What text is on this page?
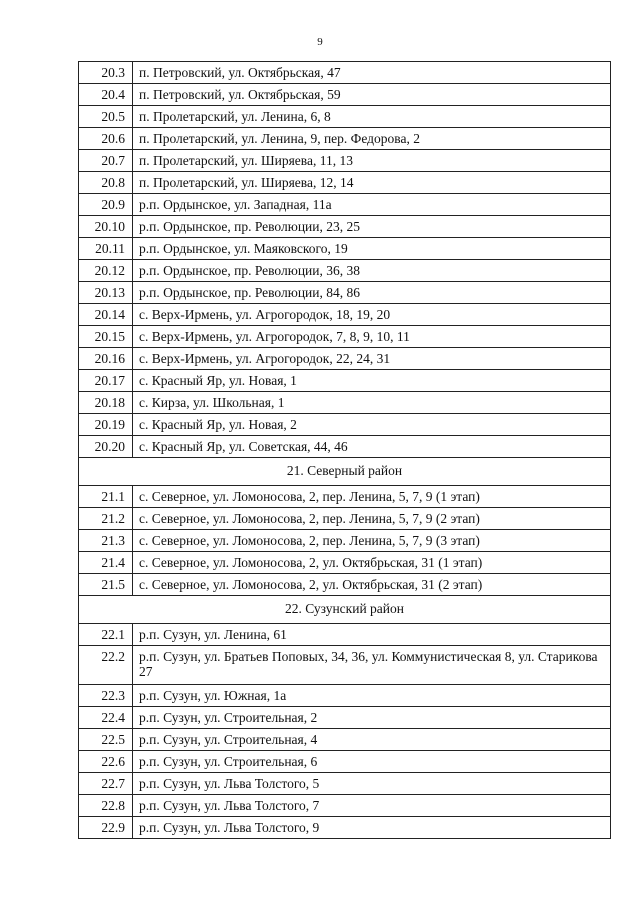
9
20.3	п. Петровский, ул. Октябрьская, 47
20.4	п. Петровский, ул. Октябрьская, 59
20.5	п. Пролетарский, ул. Ленина, 6, 8
20.6	п. Пролетарский, ул. Ленина, 9, пер. Федорова, 2
20.7	п. Пролетарский, ул. Ширяева, 11, 13
20.8	п. Пролетарский, ул. Ширяева, 12, 14
20.9	р.п. Ордынское, ул. Западная, 11а
20.10	р.п. Ордынское, пр. Революции, 23, 25
20.11	р.п. Ордынское, ул. Маяковского, 19
20.12	р.п. Ордынское, пр. Революции, 36, 38
20.13	р.п. Ордынское, пр. Революции, 84, 86
20.14	с. Верх-Ирмень, ул. Агрогородок, 18, 19, 20
20.15	с. Верх-Ирмень, ул. Агрогородок, 7, 8, 9, 10, 11
20.16	с. Верх-Ирмень, ул. Агрогородок, 22, 24, 31
20.17	с. Красный Яр, ул. Новая, 1
20.18	с. Кирза, ул. Школьная, 1
20.19	с. Красный Яр, ул. Новая, 2
20.20	с. Красный Яр, ул. Советская, 44, 46
21. Северный район	
21.1	с. Северное, ул. Ломоносова, 2, пер. Ленина, 5, 7, 9 (1 этап)
21.2	с. Северное, ул. Ломоносова, 2, пер. Ленина, 5, 7, 9 (2 этап)
21.3	с. Северное, ул. Ломоносова, 2, пер. Ленина, 5, 7, 9 (3 этап)
21.4	с. Северное, ул. Ломоносова, 2, ул. Октябрьская, 31 (1 этап)
21.5	с. Северное, ул. Ломоносова, 2, ул. Октябрьская, 31 (2 этап)
22. Сузунский район	
22.1	р.п. Сузун, ул. Ленина, 61
22.2	р.п. Сузун, ул. Братьев Поповых, 34, 36, ул. Коммунистическая 8, ул. Старикова 27
22.3	р.п. Сузун, ул. Южная, 1а
22.4	р.п. Сузун, ул. Строительная, 2
22.5	р.п. Сузун, ул. Строительная, 4
22.6	р.п. Сузун, ул. Строительная, 6
22.7	р.п. Сузун, ул. Льва Толстого, 5
22.8	р.п. Сузун, ул. Льва Толстого, 7
22.9	р.п. Сузун, ул. Льва Толстого, 9
